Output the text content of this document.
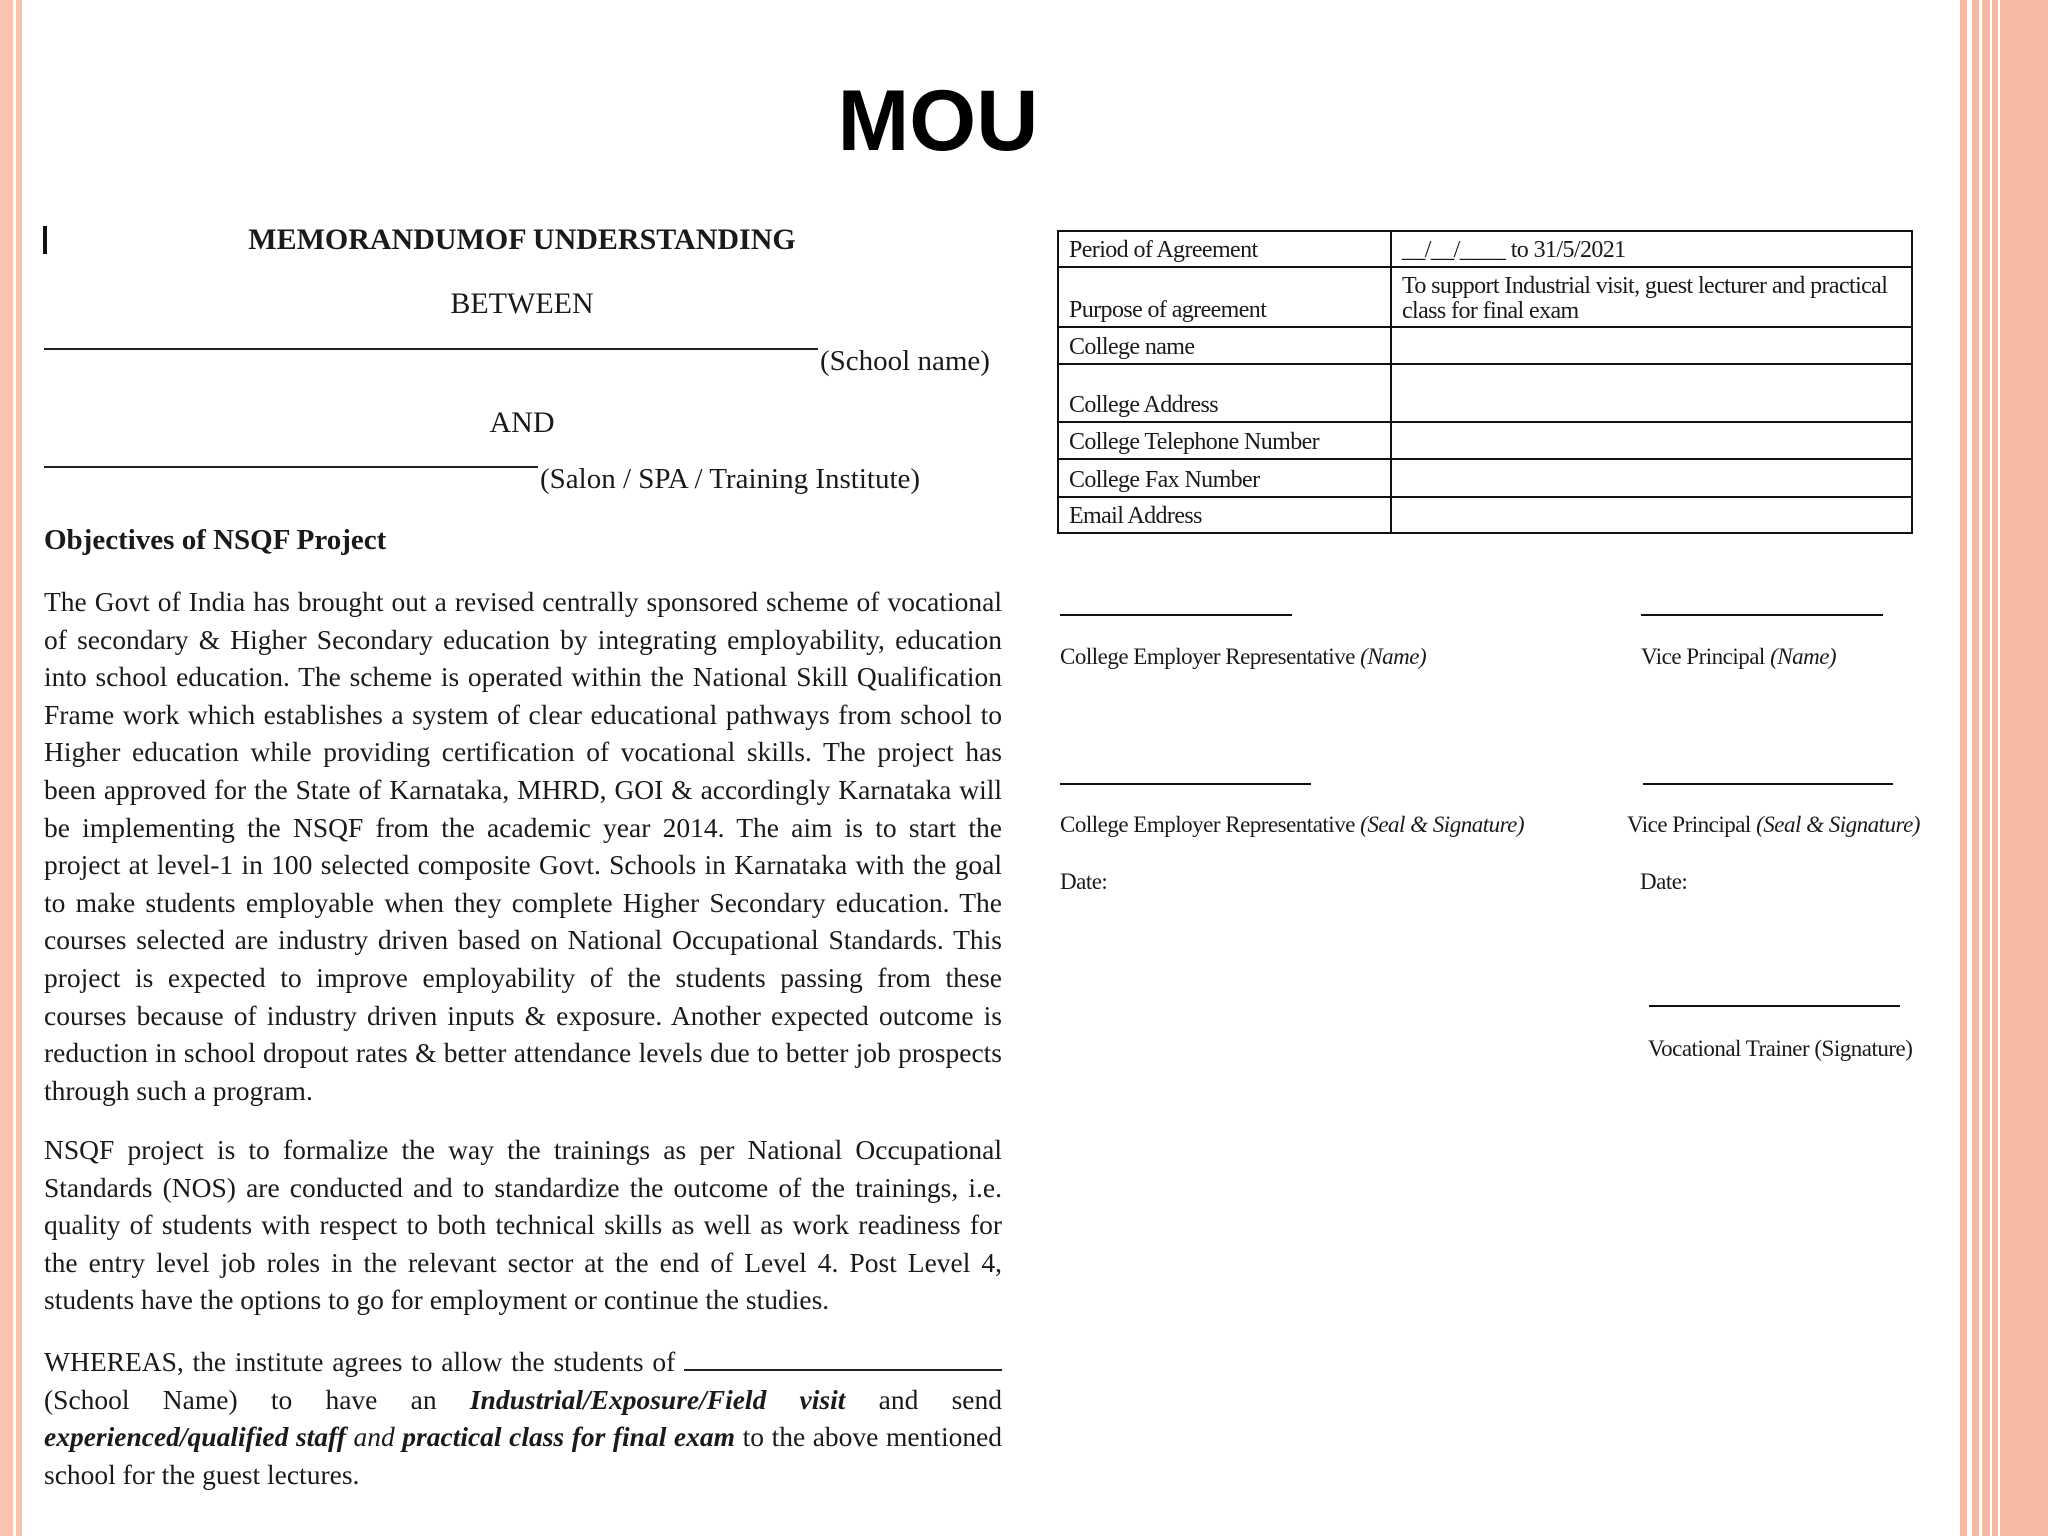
MOU
MEMORANDUMOF UNDERSTANDING
BETWEEN
(School name)
AND
(Salon / SPA / Training Institute)
Objectives of NSQF Project

The Govt of India has brought out a revised centrally sponsored scheme of vocational of secondary & Higher Secondary education by integrating employability, education into school education. The scheme is operated within the National Skill Qualification Frame work which establishes a system of clear educational pathways from school to Higher education while providing certification of vocational skills. The project has been approved for the State of Karnataka, MHRD, GOI & accordingly Karnataka will be implementing the NSQF from the academic year 2014. The aim is to start the project at level-1 in 100 selected composite Govt. Schools in Karnataka with the goal to make students employable when they complete Higher Secondary education. The courses selected are industry driven based on National Occupational Standards. This project is expected to improve employability of the students passing from these courses because of industry driven inputs & exposure. Another expected outcome is reduction in school dropout rates & better attendance levels due to better job prospects through such a program.

NSQF project is to formalize the way the trainings as per National Occupational Standards (NOS) are conducted and to standardize the outcome of the trainings, i.e. quality of students with respect to both technical skills as well as work readiness for the entry level job roles in the relevant sector at the end of Level 4. Post Level 4, students have the options to go for employment or continue the studies.

WHEREAS, the institute agrees to allow the students of  (School Name) to have an Industrial/Exposure/Field visit and send experienced/qualified staff and practical class for final exam to the above mentioned school for the guest lectures.

Period of Agreement	__/__/____ to 31/5/2021
Purpose of agreement	To support Industrial visit, guest lecturer and practical class for final exam
College name	
College Address	
College Telephone Number	
College Fax Number	
Email Address	
College Employer Representative (Name)	Vice Principal (Name)
College Employer Representative (Seal & Signature)	Vice Principal (Seal & Signature)
Date:	Date:
Vocational Trainer (Signature)
